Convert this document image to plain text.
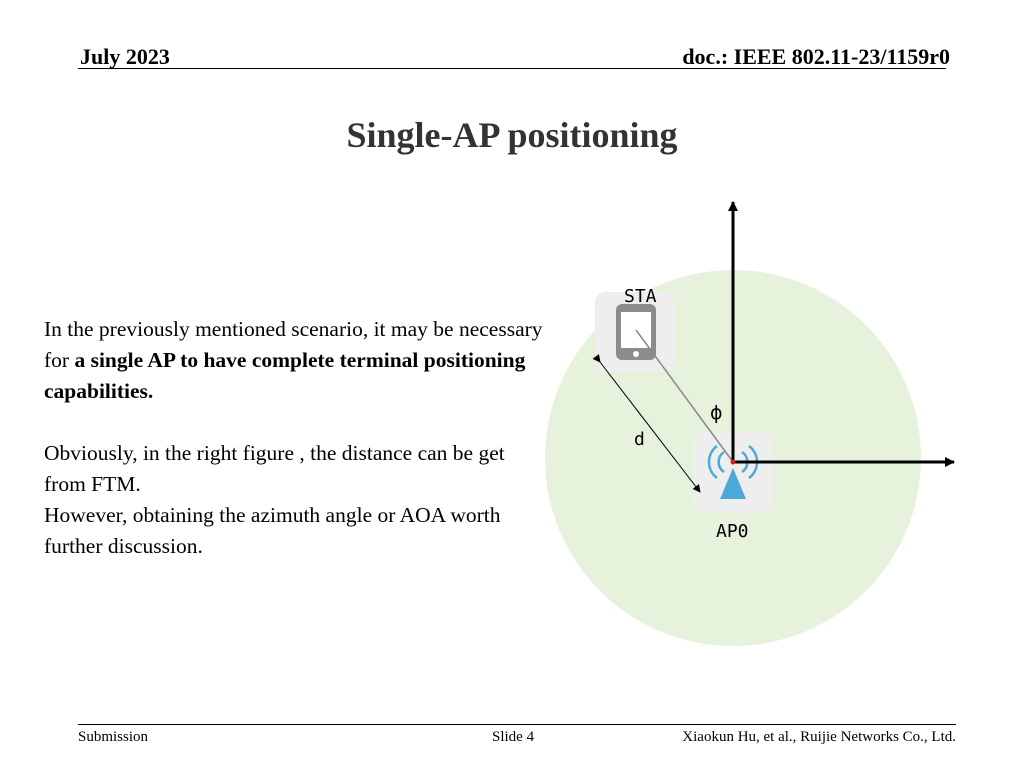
July 2023	doc.: IEEE 802.11-23/1159r0
Single-AP positioning

In the previously mentioned scenario, it may be necessary for a single AP to have complete terminal positioning capabilities.

Obviously, in the right figure , the distance can be get from FTM.

However, obtaining the azimuth angle or AOA worth further discussion.

STA
AP0
d
ϕ
Submission	Slide 4	Xiaokun Hu, et al., Ruijie Networks Co., Ltd.
